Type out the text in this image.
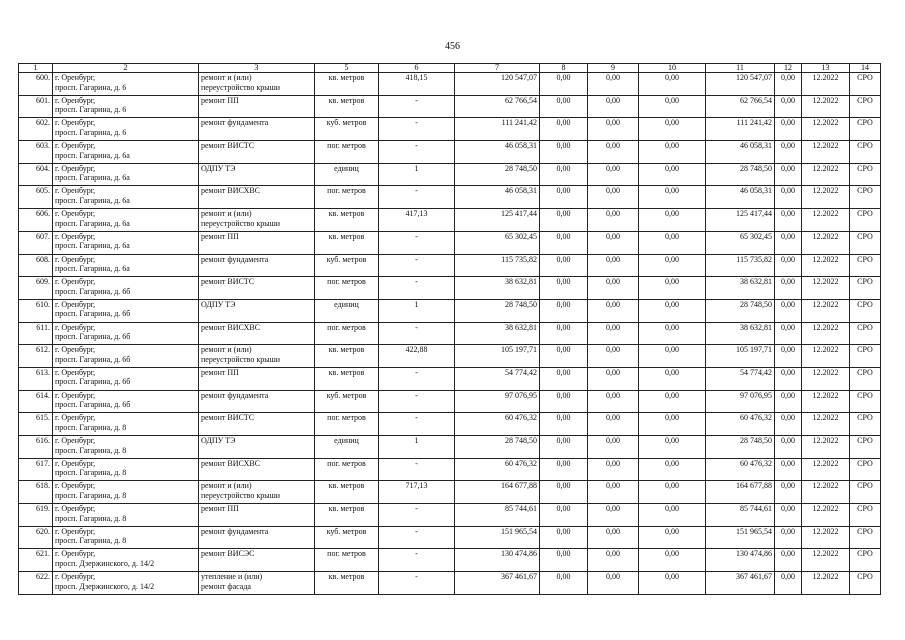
456
1	2	3	5	6	7	8	9	10	11	12	13	14
600.	г. Оренбург,
просп. Гагарина, д. 6	ремонт и (или)
переустройство крыши	кв. метров	418,15	120 547,07	0,00	0,00	0,00	120 547,07	0,00	12.2022	СРО
601.	г. Оренбург,
просп. Гагарина, д. 6	ремонт ПП	кв. метров	-	62 766,54	0,00	0,00	0,00	62 766,54	0,00	12.2022	СРО
602.	г. Оренбург,
просп. Гагарина, д. 6	ремонт фундамента	куб. метров	-	111 241,42	0,00	0,00	0,00	111 241,42	0,00	12.2022	СРО
603.	г. Оренбург,
просп. Гагарина, д. 6а	ремонт ВИСТС	пог. метров	-	46 058,31	0,00	0,00	0,00	46 058,31	0,00	12.2022	СРО
604.	г. Оренбург,
просп. Гагарина, д. 6а	ОДПУ ТЭ	единиц	1	28 748,50	0,00	0,00	0,00	28 748,50	0,00	12.2022	СРО
605.	г. Оренбург,
просп. Гагарина, д. 6а	ремонт ВИСХВС	пог. метров	-	46 058,31	0,00	0,00	0,00	46 058,31	0,00	12.2022	СРО
606.	г. Оренбург,
просп. Гагарина, д. 6а	ремонт и (или)
переустройство крыши	кв. метров	417,13	125 417,44	0,00	0,00	0,00	125 417,44	0,00	12.2022	СРО
607.	г. Оренбург,
просп. Гагарина, д. 6а	ремонт ПП	кв. метров	-	65 302,45	0,00	0,00	0,00	65 302,45	0,00	12.2022	СРО
608.	г. Оренбург,
просп. Гагарина, д. 6а	ремонт фундамента	куб. метров	-	115 735,82	0,00	0,00	0,00	115 735,82	0,00	12.2022	СРО
609.	г. Оренбург,
просп. Гагарина, д. 6б	ремонт ВИСТС	пог. метров	-	38 632,81	0,00	0,00	0,00	38 632,81	0,00	12.2022	СРО
610.	г. Оренбург,
просп. Гагарина, д. 6б	ОДПУ ТЭ	единиц	1	28 748,50	0,00	0,00	0,00	28 748,50	0,00	12.2022	СРО
611.	г. Оренбург,
просп. Гагарина, д. 6б	ремонт ВИСХВС	пог. метров	-	38 632,81	0,00	0,00	0,00	38 632,81	0,00	12.2022	СРО
612.	г. Оренбург,
просп. Гагарина, д. 6б	ремонт и (или)
переустройство крыши	кв. метров	422,88	105 197,71	0,00	0,00	0,00	105 197,71	0,00	12.2022	СРО
613.	г. Оренбург,
просп. Гагарина, д. 6б	ремонт ПП	кв. метров	-	54 774,42	0,00	0,00	0,00	54 774,42	0,00	12.2022	СРО
614.	г. Оренбург,
просп. Гагарина, д. 6б	ремонт фундамента	куб. метров	-	97 076,95	0,00	0,00	0,00	97 076,95	0,00	12.2022	СРО
615.	г. Оренбург,
просп. Гагарина, д. 8	ремонт ВИСТС	пог. метров	-	60 476,32	0,00	0,00	0,00	60 476,32	0,00	12.2022	СРО
616.	г. Оренбург,
просп. Гагарина, д. 8	ОДПУ ТЭ	единиц	1	28 748,50	0,00	0,00	0,00	28 748,50	0,00	12.2022	СРО
617.	г. Оренбург,
просп. Гагарина, д. 8	ремонт ВИСХВС	пог. метров	-	60 476,32	0,00	0,00	0,00	60 476,32	0,00	12.2022	СРО
618.	г. Оренбург,
просп. Гагарина, д. 8	ремонт и (или)
переустройство крыши	кв. метров	717,13	164 677,88	0,00	0,00	0,00	164 677,88	0,00	12.2022	СРО
619.	г. Оренбург,
просп. Гагарина, д. 8	ремонт ПП	кв. метров	-	85 744,61	0,00	0,00	0,00	85 744,61	0,00	12.2022	СРО
620.	г. Оренбург,
просп. Гагарина, д. 8	ремонт фундамента	куб. метров	-	151 965,54	0,00	0,00	0,00	151 965,54	0,00	12.2022	СРО
621.	г. Оренбург,
просп. Дзержинского, д. 14/2	ремонт ВИСЭС	пог. метров	-	130 474,86	0,00	0,00	0,00	130 474,86	0,00	12.2022	СРО
622.	г. Оренбург,
просп. Дзержинского, д. 14/2	утепление и (или)
ремонт фасада	кв. метров	-	367 461,67	0,00	0,00	0,00	367 461,67	0,00	12.2022	СРО
